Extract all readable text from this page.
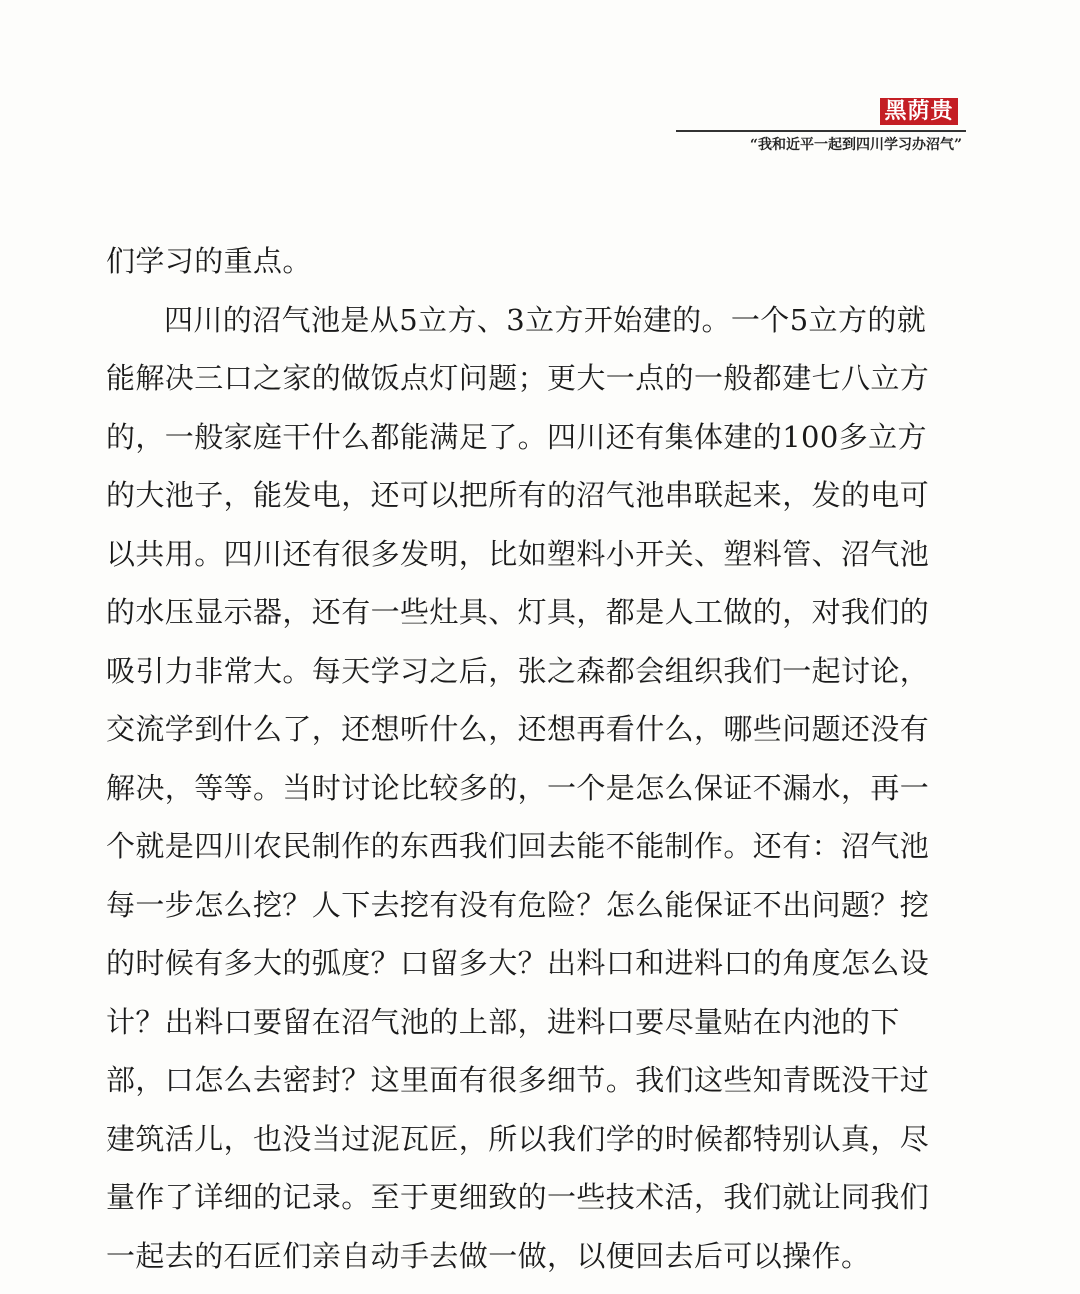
黑荫贵
“我和近平一起到四川学习办沼气”
们学习的重点。
四川的沼气池是从5立方、3立方开始建的。一个5立方的就
能解决三口之家的做饭点灯问题；更大一点的一般都建七八立方
的，一般家庭干什么都能满足了。四川还有集体建的100多立方
的大池子，能发电，还可以把所有的沼气池串联起来，发的电可
以共用。四川还有很多发明，比如塑料小开关、塑料管、沼气池
的水压显示器，还有一些灶具、灯具，都是人工做的，对我们的
吸引力非常大。每天学习之后，张之森都会组织我们一起讨论，
交流学到什么了，还想听什么，还想再看什么，哪些问题还没有
解决，等等。当时讨论比较多的，一个是怎么保证不漏水，再一
个就是四川农民制作的东西我们回去能不能制作。还有：沼气池
每一步怎么挖？人下去挖有没有危险？怎么能保证不出问题？挖
的时候有多大的弧度？口留多大？出料口和进料口的角度怎么设
计？出料口要留在沼气池的上部，进料口要尽量贴在内池的下
部，口怎么去密封？这里面有很多细节。我们这些知青既没干过
建筑活儿，也没当过泥瓦匠，所以我们学的时候都特别认真，尽
量作了详细的记录。至于更细致的一些技术活，我们就让同我们
一起去的石匠们亲自动手去做一做，以便回去后可以操作。
